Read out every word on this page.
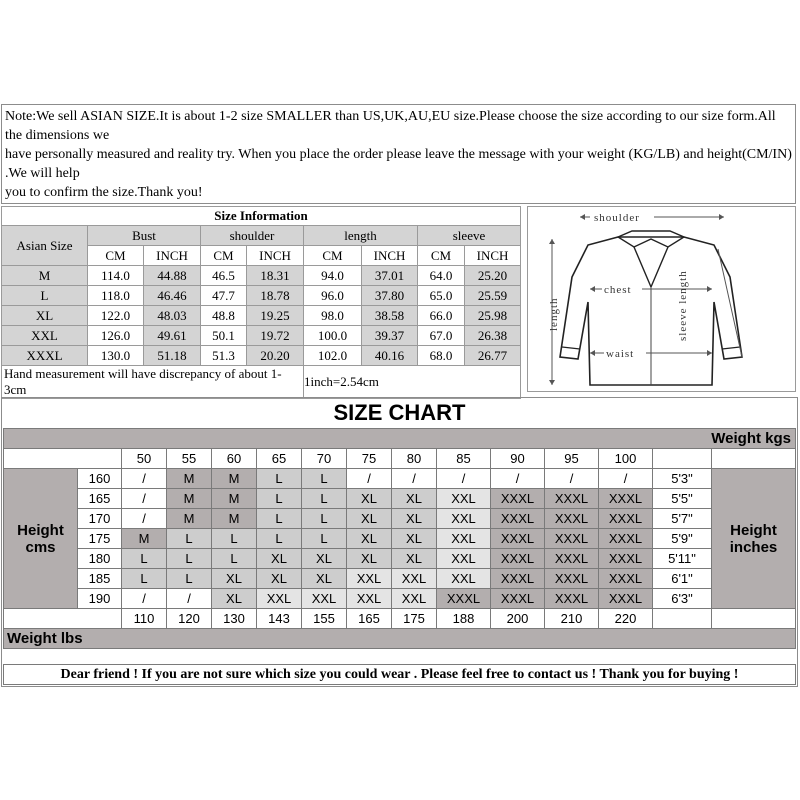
Note:We sell ASIAN SIZE.It is about 1-2 size SMALLER than US,UK,AU,EU size.Please choose the size according to our size form.All the dimensions we
have personally measured and reality try. When you place the order please leave the message with your weight (KG/LB) and height(CM/IN) .We will help
you to confirm the size.Thank you!
Size Information								
Asian Size	Bust		shoulder		length		sleeve	
	CM	INCH	CM	INCH	CM	INCH	CM	INCH
M	114.0	44.88	46.5	18.31	94.0	37.01	64.0	25.20
L	118.0	46.46	47.7	18.78	96.0	37.80	65.0	25.59
XL	122.0	48.03	48.8	19.25	98.0	38.58	66.0	25.98
XXL	126.0	49.61	50.1	19.72	100.0	39.37	67.0	26.38
XXXL	130.0	51.18	51.3	20.20	102.0	40.16	68.0	26.77
Hand measurement will have discrepancy of about 1-3cm					1inch=2.54cm			
shoulder
chest
waist
length	sleeve length
SIZE CHART
Weight kgs														
		50	55	60	65	70	75	80	85	90	95	100		
Height cms	160	/	M	M	L	L	/	/	/	/	/	/	5'3"	Height inches
	165	/	M	M	L	L	XL	XL	XXL	XXXL	XXXL	XXXL	5'5"	
	170	/	M	M	L	L	XL	XL	XXL	XXXL	XXXL	XXXL	5'7"	
	175	M	L	L	L	L	XL	XL	XXL	XXXL	XXXL	XXXL	5'9"	
	180	L	L	L	XL	XL	XL	XL	XXL	XXXL	XXXL	XXXL	5'11"	
	185	L	L	XL	XL	XL	XXL	XXL	XXL	XXXL	XXXL	XXXL	6'1"	
	190	/	/	XL	XXL	XXL	XXL	XXL	XXXL	XXXL	XXXL	XXXL	6'3"	
		110	120	130	143	155	165	175	188	200	210	220		
Weight lbs														
Dear friend ! If you are not sure which size you could wear . Please feel free to contact us ! Thank you for buying !
